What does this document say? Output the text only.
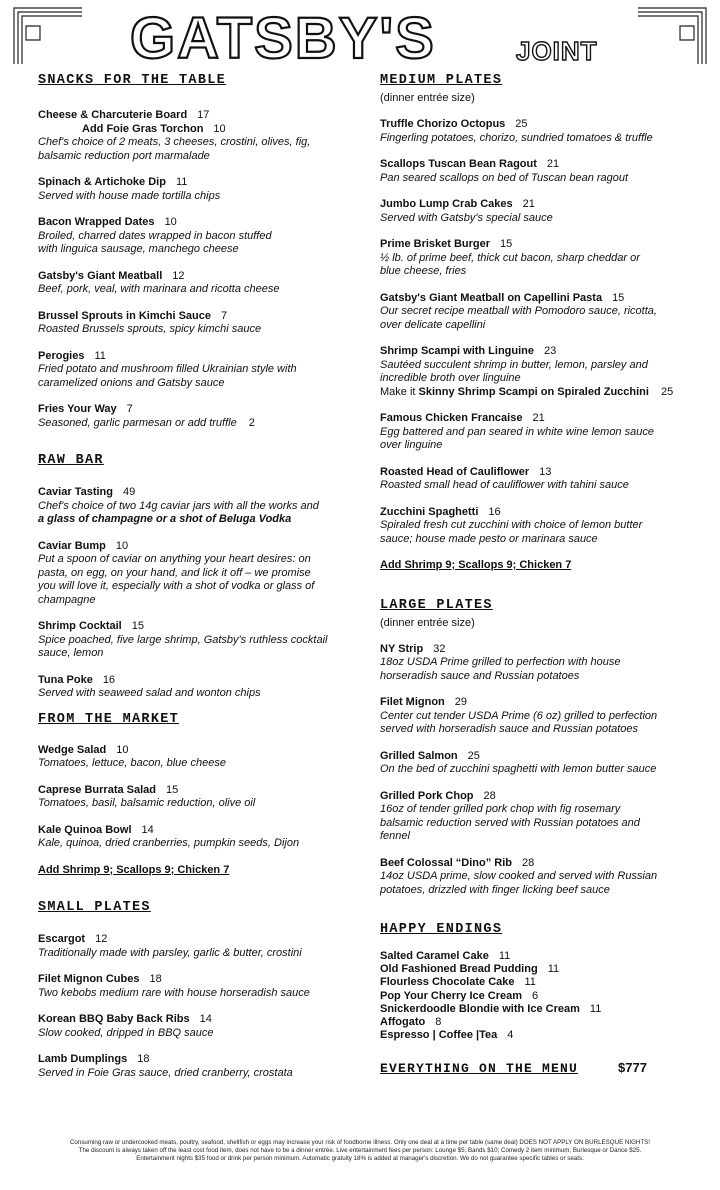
GATSBY'S	JOINT
SNACKS FOR THE TABLE
Cheese & Charcuterie Board 17
Add Foie Gras Torchon 10
Chef's choice of 2 meats, 3 cheeses, crostini, olives, fig,
balsamic reduction port marmalade
Spinach & Artichoke Dip 11
Served with house made tortilla chips
Bacon Wrapped Dates 10
Broiled, charred dates wrapped in bacon stuffed
with linguica sausage, manchego cheese
Gatsby's Giant Meatball 12
Beef, pork, veal, with marinara and ricotta cheese
Brussel Sprouts in Kimchi Sauce 7
Roasted Brussels sprouts, spicy kimchi sauce
Perogies 11
Fried potato and mushroom filled Ukrainian style with
caramelized onions and Gatsby sauce
Fries Your Way 7
Seasoned, garlic parmesan or add truffle 2
RAW BAR
Caviar Tasting 49
Chef's choice of two 14g caviar jars with all the works and
a glass of champagne or a shot of Beluga Vodka
Caviar Bump 10
Put a spoon of caviar on anything your heart desires: on
pasta, on egg, on your hand, and lick it off – we promise
you will love it, especially with a shot of vodka or glass of
champagne
Shrimp Cocktail 15
Spice poached, five large shrimp, Gatsby's ruthless cocktail
sauce, lemon
Tuna Poke 16
Served with seaweed salad and wonton chips
FROM THE MARKET
Wedge Salad 10
Tomatoes, lettuce, bacon, blue cheese
Caprese Burrata Salad 15
Tomatoes, basil, balsamic reduction, olive oil
Kale Quinoa Bowl 14
Kale, quinoa, dried cranberries, pumpkin seeds, Dijon
Add Shrimp 9; Scallops 9; Chicken 7
SMALL PLATES
Escargot 12
Traditionally made with parsley, garlic & butter, crostini
Filet Mignon Cubes 18
Two kebobs medium rare with house horseradish sauce
Korean BBQ Baby Back Ribs 14
Slow cooked, dripped in BBQ sauce
Lamb Dumplings 18
Served in Foie Gras sauce, dried cranberry, crostata
MEDIUM PLATES
(dinner entrée size)
Truffle Chorizo Octopus 25
Fingerling potatoes, chorizo, sundried tomatoes & truffle
Scallops Tuscan Bean Ragout 21
Pan seared scallops on bed of Tuscan bean ragout
Jumbo Lump Crab Cakes 21
Served with Gatsby's special sauce
Prime Brisket Burger 15
½ lb. of prime beef, thick cut bacon, sharp cheddar or
blue cheese, fries
Gatsby's Giant Meatball on Capellini Pasta 15
Our secret recipe meatball with Pomodoro sauce, ricotta,
over delicate capellini
Shrimp Scampi with Linguine 23
Sautéed succulent shrimp in butter, lemon, parsley and
incredible broth over linguine
Make it Skinny Shrimp Scampi on Spiraled Zucchini 25
Famous Chicken Francaise 21
Egg battered and pan seared in white wine lemon sauce
over linguine
Roasted Head of Cauliflower 13
Roasted small head of cauliflower with tahini sauce
Zucchini Spaghetti 16
Spiraled fresh cut zucchini with choice of lemon butter
sauce; house made pesto or marinara sauce
Add Shrimp 9; Scallops 9; Chicken 7
LARGE PLATES
(dinner entrée size)
NY Strip 32
18oz USDA Prime grilled to perfection with house
horseradish sauce and Russian potatoes
Filet Mignon 29
Center cut tender USDA Prime (6 oz) grilled to perfection
served with horseradish sauce and Russian potatoes
Grilled Salmon 25
On the bed of zucchini spaghetti with lemon butter sauce
Grilled Pork Chop 28
16oz of tender grilled pork chop with fig rosemary
balsamic reduction served with Russian potatoes and
fennel
Beef Colossal “Dino” Rib 28
14oz USDA prime, slow cooked and served with Russian
potatoes, drizzled with finger licking beef sauce
HAPPY ENDINGS
Salted Caramel Cake 11
Old Fashioned Bread Pudding 11
Flourless Chocolate Cake 11
Pop Your Cherry Ice Cream 6
Snickerdoodle Blondie with Ice Cream 11
Affogato 8
Espresso | Coffee |Tea 4
EVERYTHING ON THE MENU	$777
Consuming raw or undercooked meats, poultry, seafood, shellfish or eggs may increase your risk of foodborne illness. Only one deal at a time per table (same deal) DOES NOT APPLY ON BURLESQUE NIGHTS!
The discount is always taken off the least cost food item, does not have to be a dinner entrée. Live entertainment fees per person: Lounge $5; Bands $10; Comedy 2 item minimum; Burlesque or Dance $25.
Entertainment nights $35 food or drink per person minimum. Automatic gratuity 18% is added at manager's discretion. We do not guarantee specific tables or seats.
